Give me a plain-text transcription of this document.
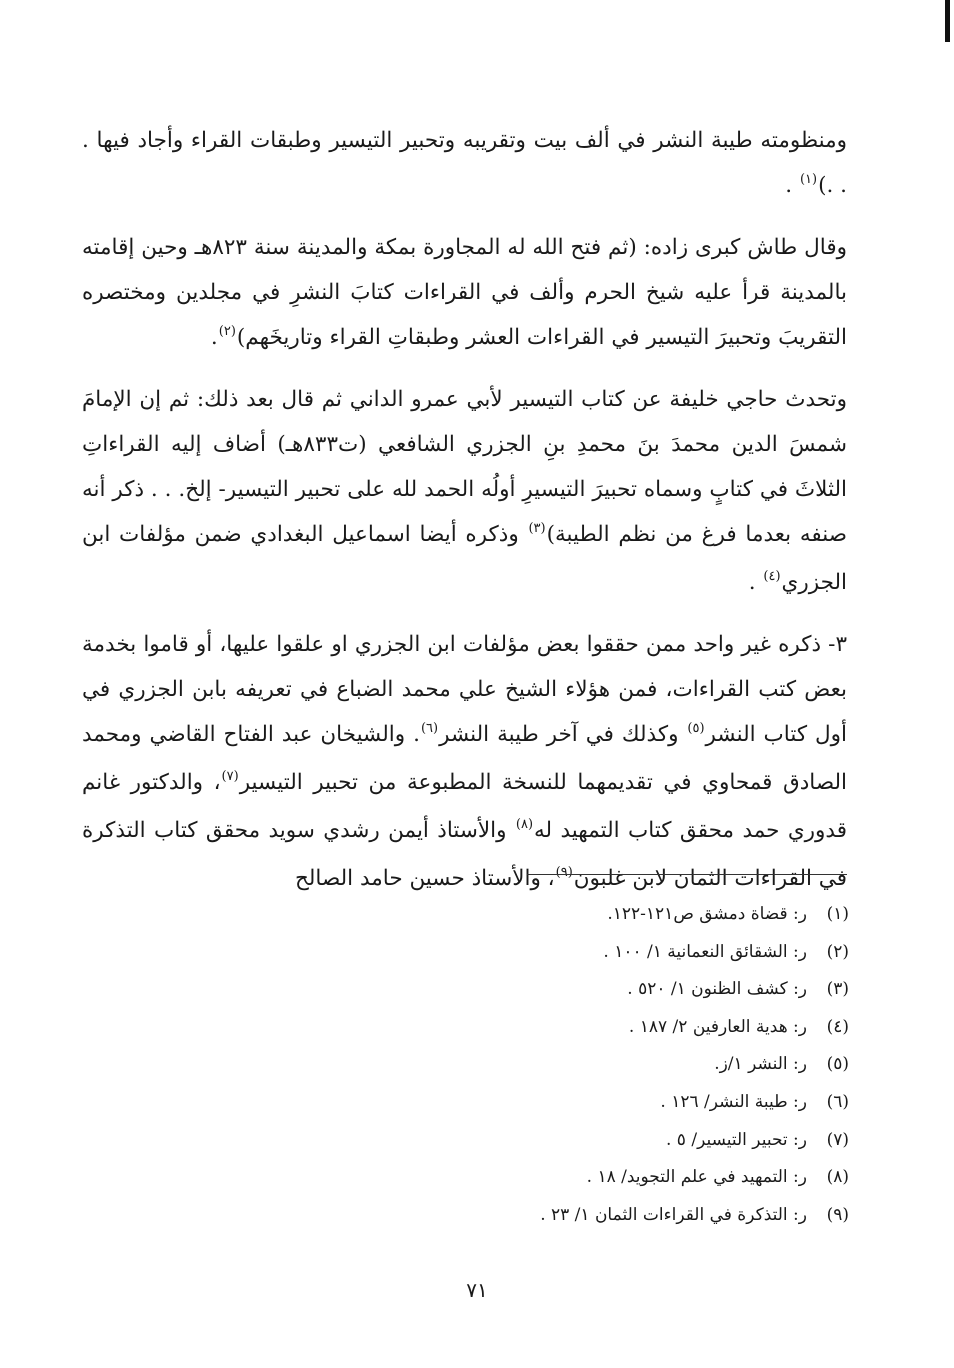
ومنظومته طيبة النشر في ألف بيت وتقريبه وتحبير التيسير وطبقات القراء وأجاد فيها . . .)$^{(١)}$ .

وقال طاش كبرى زاده: (ثم فتح الله له المجاورة بمكة والمدينة سنة ٨٢٣هـ وحين إقامته بالمدينة قرأ عليه شيخ الحرم وألف في القراءات كتابَ النشرِ في مجلدين ومختصره التقريبَ وتحبيرَ التيسير في القراءات العشر وطبقاتِ القراء وتاريخَهم)$^{(٢)}$.

وتحدث حاجي خليفة عن كتاب التيسير لأبي عمرو الداني ثم قال بعد ذلك: ثم إن الإمامَ شمسَ الدين محمدَ بنَ محمدِ بنِ الجزري الشافعي (ت٨٣٣هـ) أضاف إليه القراءاتِ الثلاثَ في كتابٍ وسماه تحبيرَ التيسيرِ أولُه الحمد لله على تحبير التيسير- إلخ. . . ذكر أنه صنفه بعدما فرغ من نظم الطيبة)$^{(٣)}$ وذكره أيضا اسماعيل البغدادي ضمن مؤلفات ابن الجزري$^{(٤)}$ .

٣- ذكره غير واحد ممن حققوا بعض مؤلفات ابن الجزري او علقوا عليها، أو قاموا بخدمة بعض كتب القراءات، فمن هؤلاء الشيخ علي محمد الضباع في تعريفه بابن الجزري في أول كتاب النشر$^{(٥)}$ وكذلك في آخر طيبة النشر$^{(٦)}$. والشيخان عبد الفتاح القاضي ومحمد الصادق قمحاوي في تقديمهما للنسخة المطبوعة من تحبير التيسير$^{(٧)}$، والدكتور غانم قدوري حمد محقق كتاب التمهيد له$^{(٨)}$ والأستاذ أيمن رشدي سويد محقق كتاب التذكرة في القراءات الثمان لابن غلبون$^{(٩)}$، والأستاذ حسين حامد الصالح

(١)ر: قضاة دمشق ص١٢١-١٢٢.
(٢)ر: الشقائق النعمانية ١/ ١٠٠ .
(٣)ر: كشف الظنون ١/ ٥٢٠ .
(٤)ر: هدية العارفين ٢/ ١٨٧ .
(٥)ر: النشر ١/ز.
(٦)ر: طيبة النشر/ ١٢٦ .
(٧)ر: تحبير التيسير/ ٥ .
(٨)ر: التمهيد في علم التجويد/ ١٨ .
(٩)ر: التذكرة في القراءات الثمان ١/ ٢٣ .
٧١
